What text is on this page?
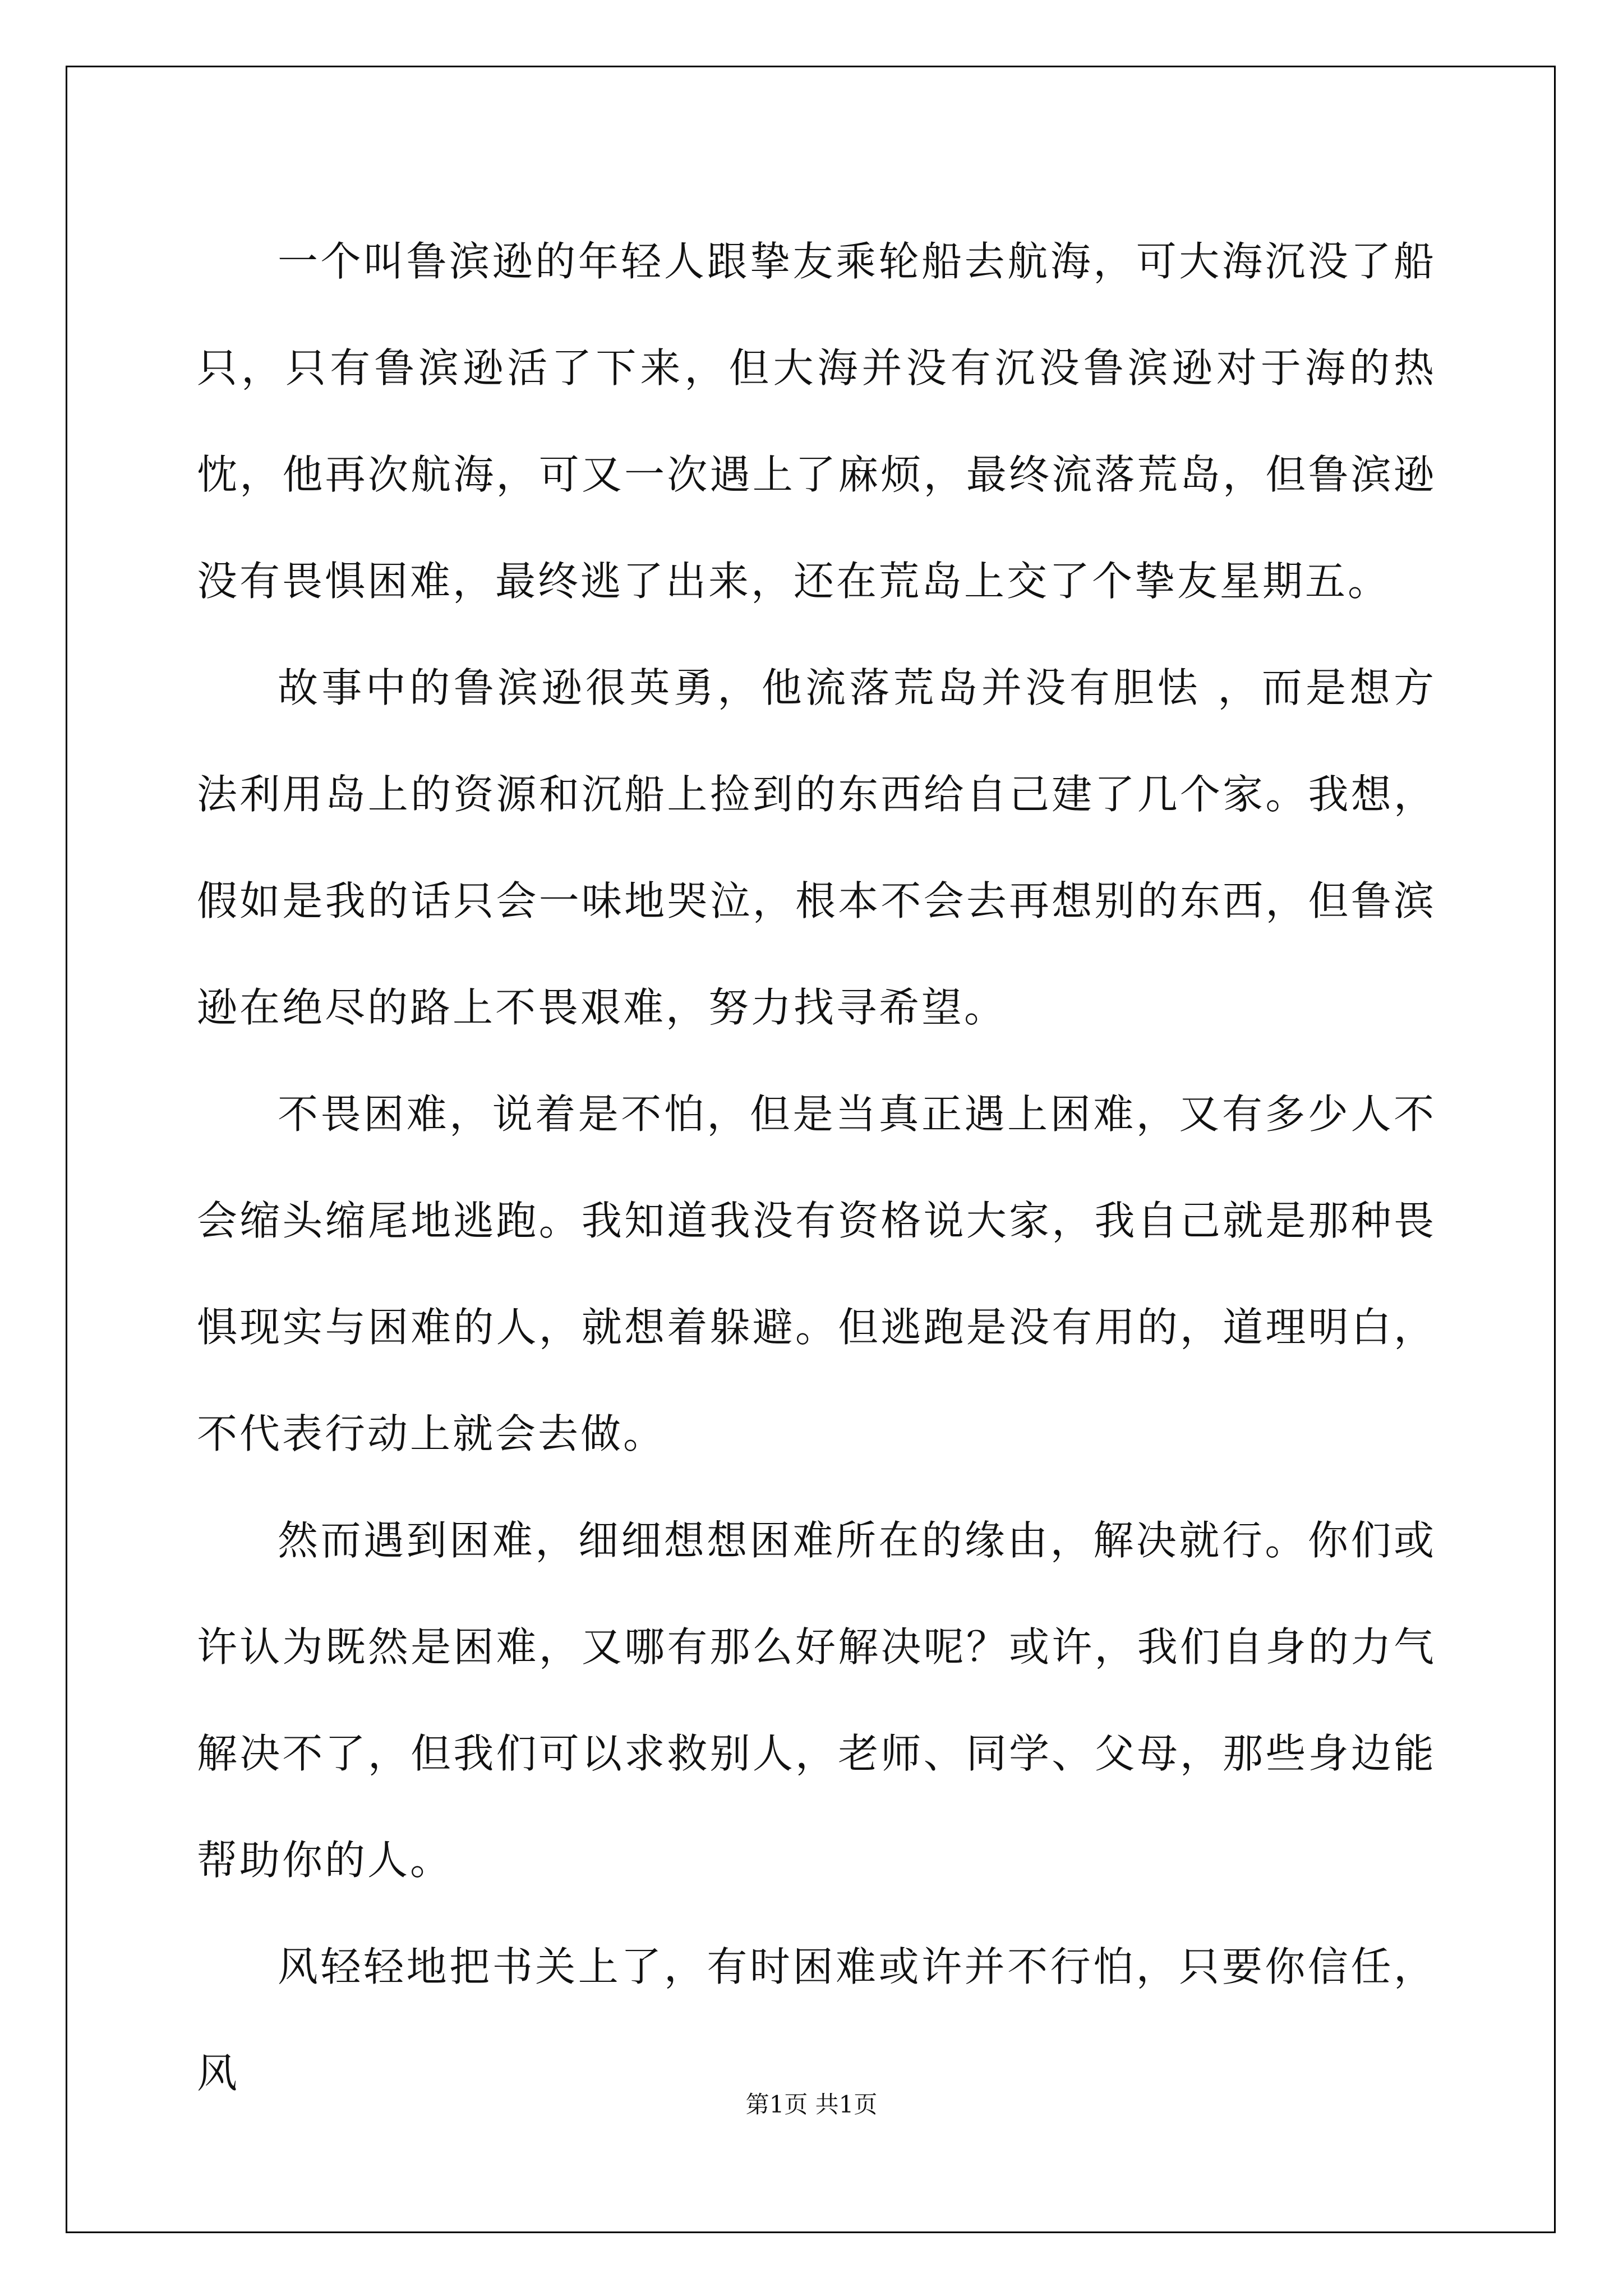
一个叫鲁滨逊的年轻人跟挚友乘轮船去航海，可大海沉没了船只，只有鲁滨逊活了下来，但大海并没有沉没鲁滨逊对于海的热忱，他再次航海，可又一次遇上了麻烦，最终流落荒岛，但鲁滨逊没有畏惧困难，最终逃了出来，还在荒岛上交了个挚友星期五。

故事中的鲁滨逊很英勇，他流落荒岛并没有胆怯 ，而是想方法利用岛上的资源和沉船上捡到的东西给自己建了几个家。我想，假如是我的话只会一味地哭泣，根本不会去再想别的东西，但鲁滨逊在绝尽的路上不畏艰难，努力找寻希望。

不畏困难，说着是不怕，但是当真正遇上困难，又有多少人不会缩头缩尾地逃跑。我知道我没有资格说大家，我自己就是那种畏惧现实与困难的人，就想着躲避。但逃跑是没有用的，道理明白，不代表行动上就会去做。

然而遇到困难，细细想想困难所在的缘由，解决就行。你们或许认为既然是困难，又哪有那么好解决呢？或许，我们自身的力气解决不了，但我们可以求救别人，老师、同学、父母，那些身边能帮助你的人。

风轻轻地把书关上了，有时困难或许并不行怕，只要你信任，风

第1页 共1页
